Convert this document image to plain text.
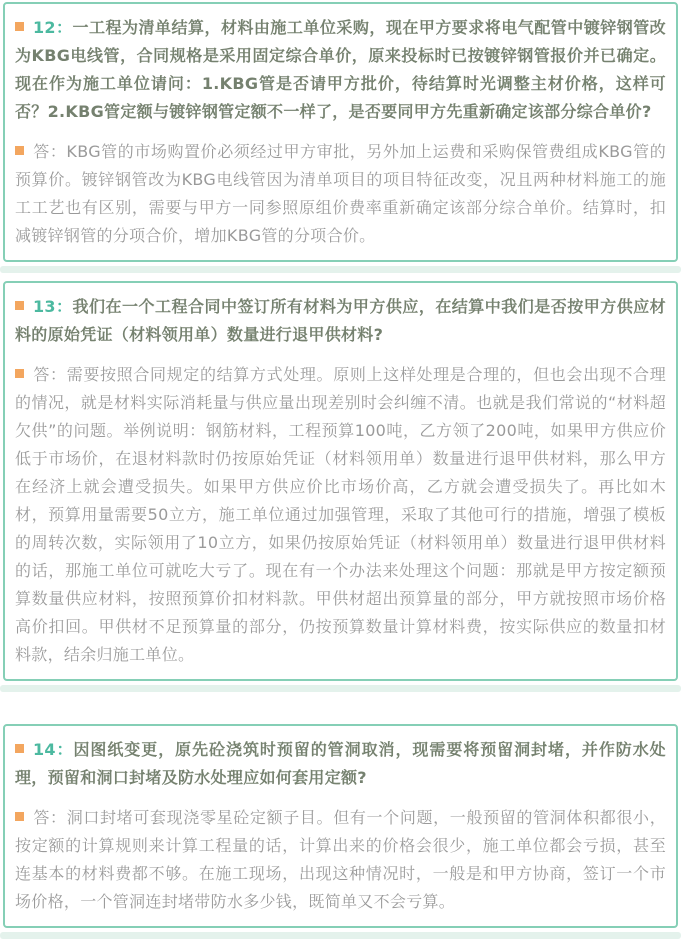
12：一工程为清单结算，材料由施工单位采购，现在甲方要求将电气配管中镀锌钢管改为KBG电线管，合同规格是采用固定综合单价，原来投标时已按镀锌钢管报价并已确定。现在作为施工单位请问：1.KBG管是否请甲方批价，待结算时光调整主材价格，这样可否？2.KBG管定额与镀锌钢管定额不一样了，是否要同甲方先重新确定该部分综合单价?

答：KBG管的市场购置价必须经过甲方审批，另外加上运费和采购保管费组成KBG管的预算价。镀锌钢管改为KBG电线管因为清单项目的项目特征改变，况且两种材料施工的施工工艺也有区别，需要与甲方一同参照原组价费率重新确定该部分综合单价。结算时，扣减镀锌钢管的分项合价，增加KBG管的分项合价。

13：我们在一个工程合同中签订所有材料为甲方供应，在结算中我们是否按甲方供应材料的原始凭证（材料领用单）数量进行退甲供材料?

答：需要按照合同规定的结算方式处理。原则上这样处理是合理的，但也会出现不合理的情况，就是材料实际消耗量与供应量出现差别时会纠缠不清。也就是我们常说的“材料超欠供”的问题。举例说明：钢筋材料，工程预算100吨，乙方领了200吨，如果甲方供应价低于市场价，在退材料款时仍按原始凭证（材料领用单）数量进行退甲供材料，那么甲方在经济上就会遭受损失。如果甲方供应价比市场价高，乙方就会遭受损失了。再比如木材，预算用量需要50立方，施工单位通过加强管理，采取了其他可行的措施，增强了模板的周转次数，实际领用了10立方，如果仍按原始凭证（材料领用单）数量进行退甲供材料的话，那施工单位可就吃大亏了。现在有一个办法来处理这个问题：那就是甲方按定额预算数量供应材料，按照预算价扣材料款。甲供材超出预算量的部分，甲方就按照市场价格高价扣回。甲供材不足预算量的部分，仍按预算数量计算材料费，按实际供应的数量扣材料款，结余归施工单位。

14：因图纸变更，原先砼浇筑时预留的管洞取消，现需要将预留洞封堵，并作防水处理，预留和洞口封堵及防水处理应如何套用定额?

答：洞口封堵可套现浇零星砼定额子目。但有一个问题，一般预留的管洞体积都很小，按定额的计算规则来计算工程量的话，计算出来的价格会很少，施工单位都会亏损，甚至连基本的材料费都不够。在施工现场，出现这种情况时，一般是和甲方协商，签订一个市场价格，一个管洞连封堵带防水多少钱，既简单又不会亏算。
